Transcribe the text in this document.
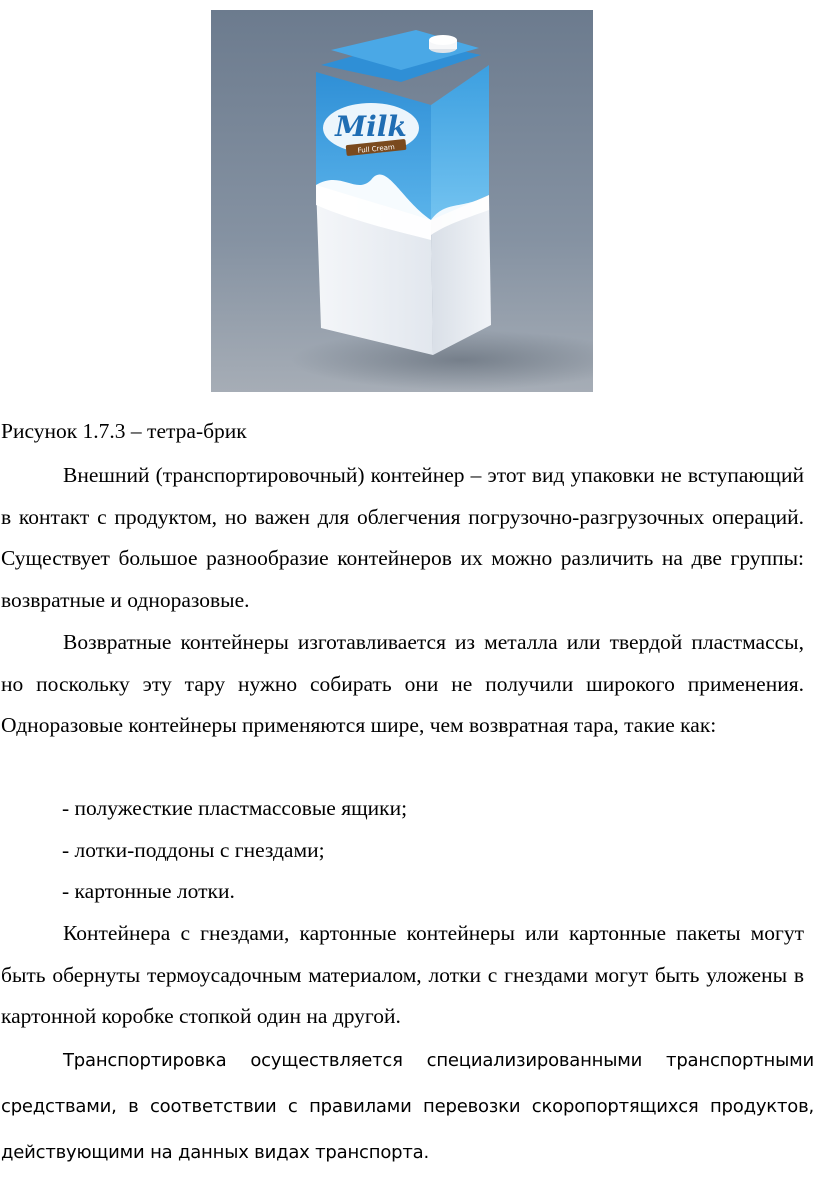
Milk
Full Cream
Рисунок 1.7.3 – тетра-брик

Внешний (транспортировочный) контейнер – этот вид упаковки не вступающий в контакт с продуктом, но важен для облегчения погрузочно-разгрузочных операций. Существует большое разнообразие контейнеров их можно различить на две группы: возвратные и одноразовые.

Возвратные контейнеры изготавливается из металла или твердой пластмассы, но поскольку эту тару нужно собирать они не получили широкого применения. Одноразовые контейнеры применяются шире, чем возвратная тара, такие как:

- полужесткие пластмассовые ящики;

- лотки-поддоны с гнездами;

- картонные лотки.

Контейнера с гнездами, картонные контейнеры или картонные пакеты могут быть обернуты термоусадочным материалом, лотки с гнездами могут быть уложены в картонной коробке стопкой один на другой.

Транспортировка осуществляется специализированными транспортными средствами, в соответствии с правилами перевозки скоропортящихся продуктов, действующими на данных видах транспорта.
